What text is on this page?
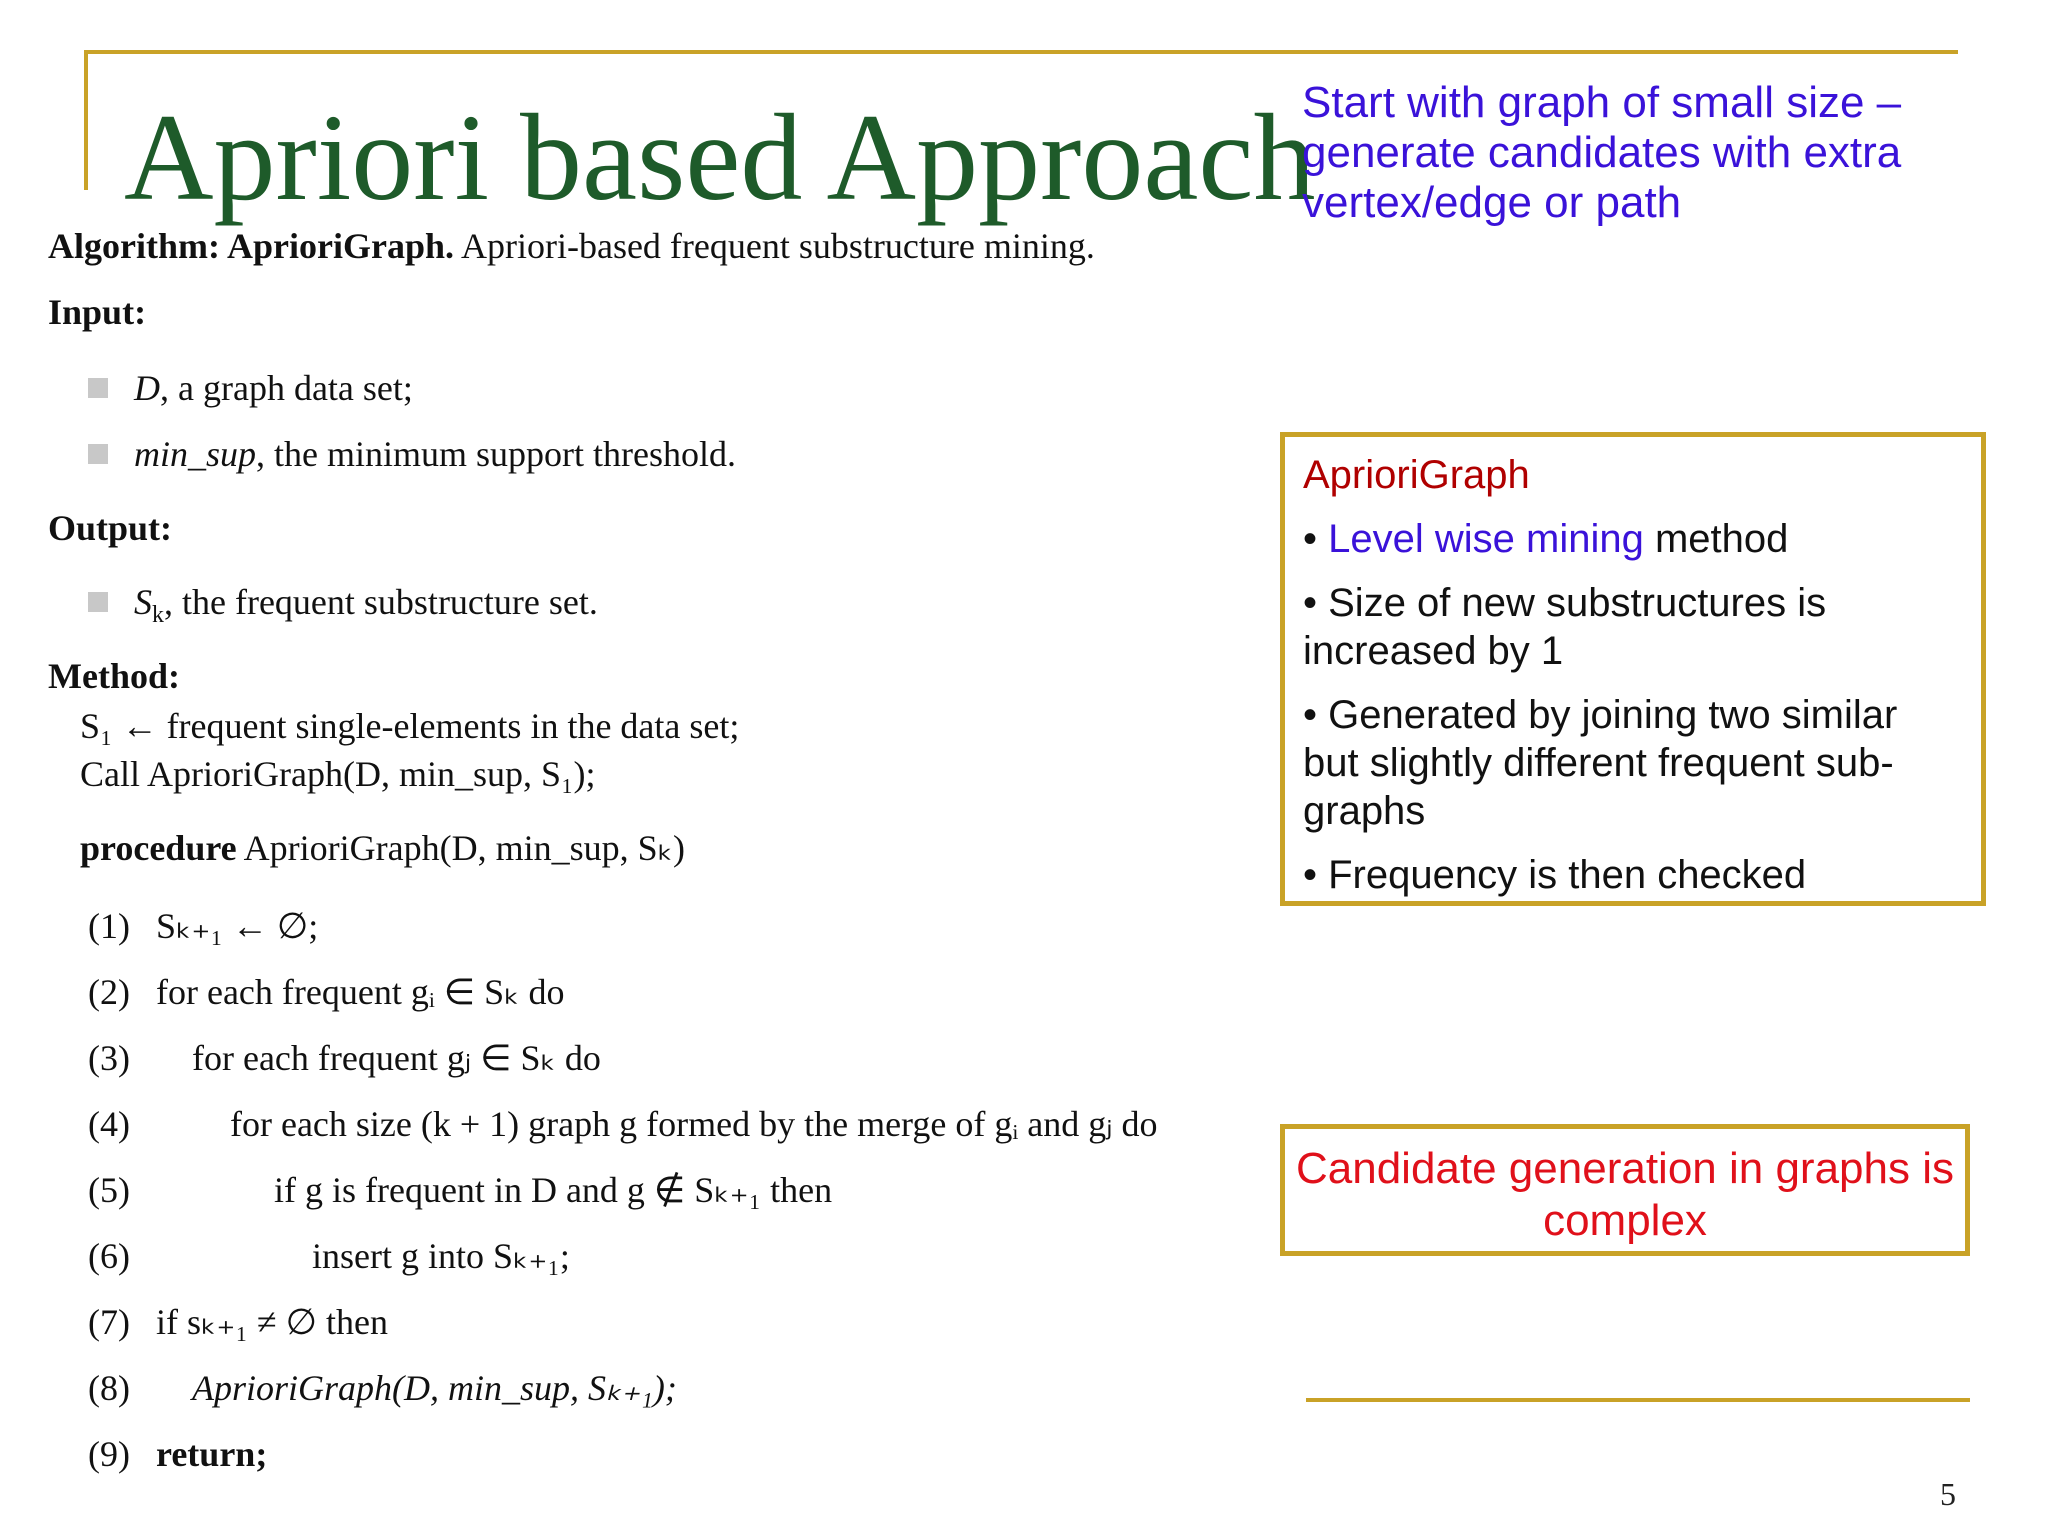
Apriori based Approach
Start with graph of small size – generate candidates with extra vertex/edge or path
Algorithm: AprioriGraph. Apriori-based frequent substructure mining.
Input:
D, a graph data set;
min_sup, the minimum support threshold.
Output:
$S_k$, the frequent substructure set.
Method:
S₁ ← frequent single-elements in the data set;
Call AprioriGraph(D, min_sup, S₁);
procedure AprioriGraph(D, min_sup, Sₖ)
(1) Sₖ₊₁ ← ∅;
(2) for each frequent gᵢ ∈ Sₖ do
(3) for each frequent gⱼ ∈ Sₖ do
(4)	for each size (k + 1) graph g formed by the merge of gᵢ and gⱼ do
(5)	if g is frequent in D and g ∉ Sₖ₊₁ then
(6)	insert g into Sₖ₊₁;
(7) if sₖ₊₁ ≠ ∅ then
(8) AprioriGraph(D, min_sup, Sₖ₊₁);
(9) return;
AprioriGraph
• Level wise mining method
• Size of new substructures is increased by 1
• Generated by joining two similar but slightly different frequent sub-graphs
• Frequency is then checked
Candidate generation in graphs is complex
5
